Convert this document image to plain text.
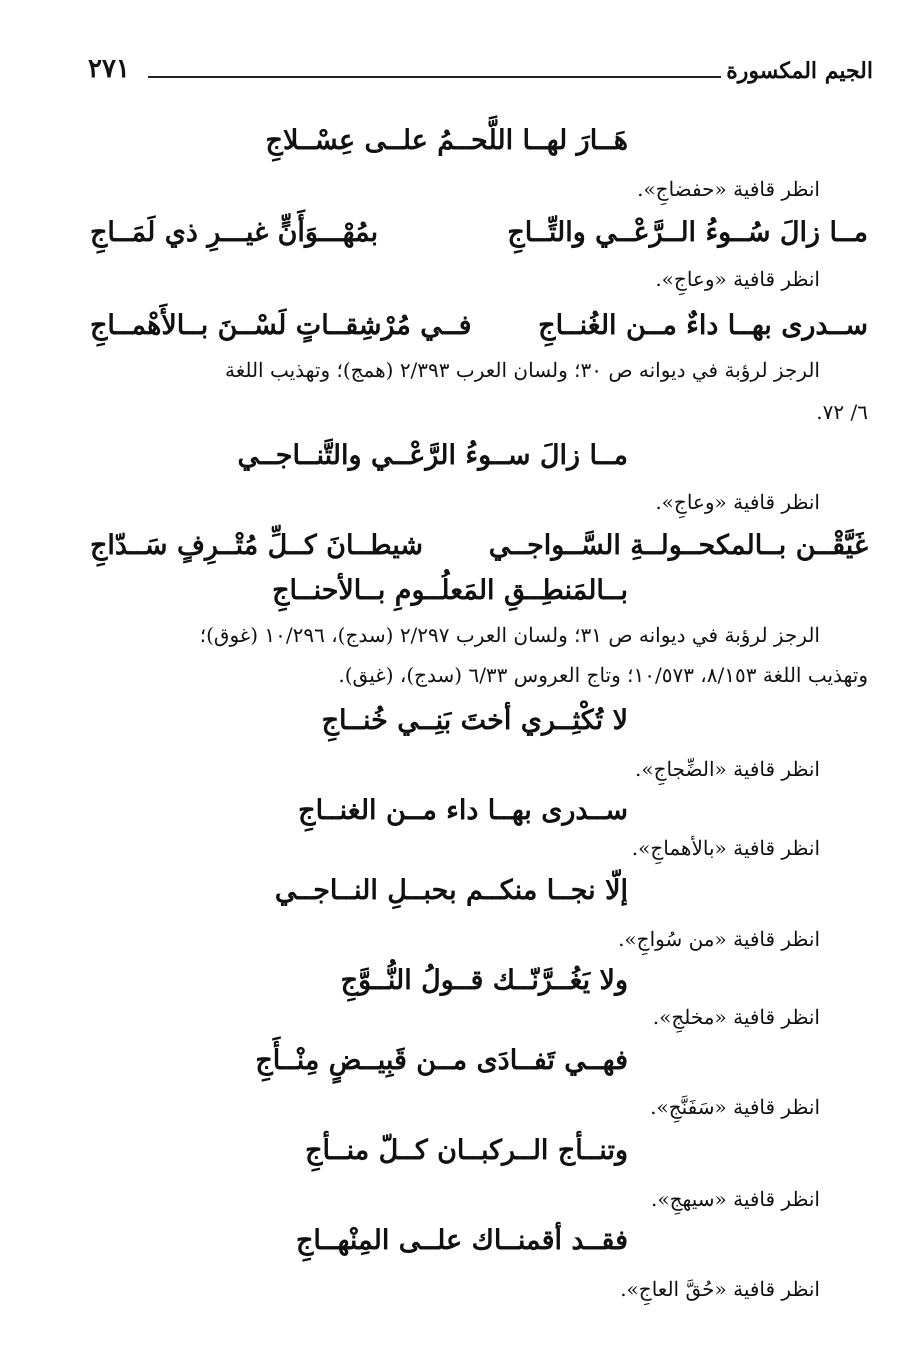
الجيم المكسورة
٢٧١
هَــارَ لهــا اللَّحــمُ علــى عِسْــلاجِ
انظر قافية «حفضاجِ».
مــا زالَ سُــوءُ الــرَّعْــي والتِّــاجِ
بمُهْـــوَأَنٍّ غيـــرِ ذي لَمَــاجِ
انظر قافية «وعاجِ».
ســدرى بهــا داءٌ مــن الغُنــاجِ
فــي مُرْشِقــاتٍ لَسْــنَ بــالأَهْمــاجِ
الرجز لرؤبة في ديوانه ص ٣٠؛ ولسان العرب ٢/٣٩٣ (همج)؛ وتهذيب اللغة
٦/ ٧٢.
مــا زالَ ســوءُ الرَّعْــي والتَّنــاجــي
انظر قافية «وعاجِ».
غَيَّقْــن بــالمكحــولــةِ السَّــواجــي
شيطــانَ كــلِّ مُتْــرِفٍ سَــدّاجِ
بــالمَنطِــقِ المَعلُــومِ بــالأحنــاجِ
الرجز لرؤبة في ديوانه ص ٣١؛ ولسان العرب ٢/٢٩٧ (سدج)، ١٠/٢٩٦ (غوق)؛
وتهذيب اللغة ٨/١٥٣، ١٠/٥٧٣؛ وتاج العروس ٦/٣٣ (سدج)، (غيق).
لا تُكْثِــري أختَ بَنِــي خُنــاجِ
انظر قافية «الضِّجاجِ».
ســدرى بهــا داء مــن الغنــاجِ
انظر قافية «بالأهماجِ».
إلّا نجــا منكــم بحبــلِ النــاجــي
انظر قافية «من سُواجِ».
ولا يَغُــرَّنّــك قــولُ النُّــوَّجِ
انظر قافية «مخلجِ».
فهــي تَفــادَى مــن قَبِيــضٍ مِنْــأَجِ
انظر قافية «سَفَنَّجِ».
وتنــأج الــركبــان كــلّ منــأجِ
انظر قافية «سيهجِ».
فقــد أقمنــاك علــى المِنْهــاجِ
انظر قافية «حُقَّ العاجِ».
